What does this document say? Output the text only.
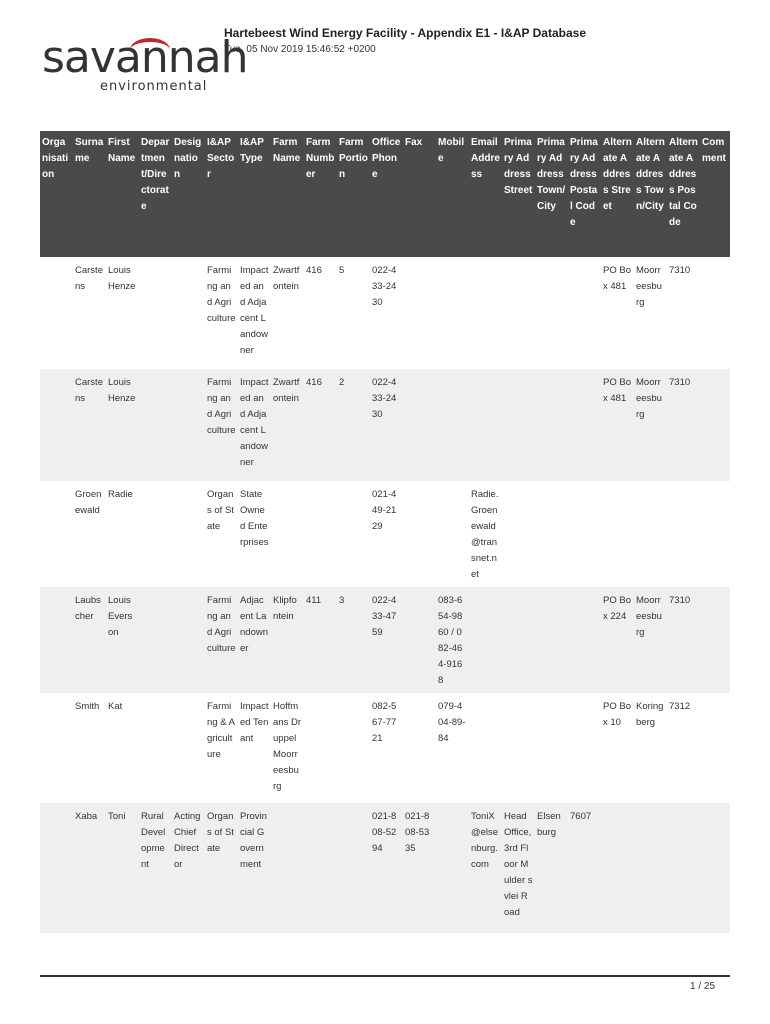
savannah
environmental
Hartebeest Wind Energy Facility - Appendix E1 - I&AP Database
Tue, 05 Nov 2019 15:46:52 +0200
Organisation	Surname	First Name	Department/Directorate	Designation	I&AP Sector	I&AP Type	Farm Name	Farm Number	Farm Portion	Office Phone	Fax	Mobile	Email Address	Primary Address Street	Primary Address Town/City	Primary Address Postal Code	Alternate Address Street	Alternate Address Town/City	Alternate Address Postal Code	Comment
	Carstens	Louis Henze			Farming and Agriculture	Impacted and Adjacent Landowner	Zwartfontein	416	5	022-433-2430							PO Box 481	Moorreesburg	7310	
	Carstens	Louis Henze			Farming and Agriculture	Impacted and Adjacent Landowner	Zwartfontein	416	2	022-433-2430							PO Box 481	Moorreesburg	7310	
	Groenewald	Radie			Organs of State	State Owned Enterprises				021-449-2129			Radie.Groenewald@transnet.net							
	Laubscher	Louis Everson			Farming and Agriculture	Adjacent Landowner	Klipfontein	411	3	022-433-4759		083-654-9860 / 082-464-9168					PO Box 224	Moorreesburg	7310	
	Smith	Kat			Farming & Agriculture	Impacted Tenant	Hoffmans Druppel Moorreesburg			082-567-7721		079-404-89-84					PO Box 10	Koringberg	7312	
	Xaba	Toni	Rural Development	Acting Chief Director	Organs of State	Provincial Government				021-808-5294	021-808-5335		ToniX@elsenburg.com	Head Office, 3rd Floor Mulder svlei Road	Elsenburg	7607				
1 / 25
